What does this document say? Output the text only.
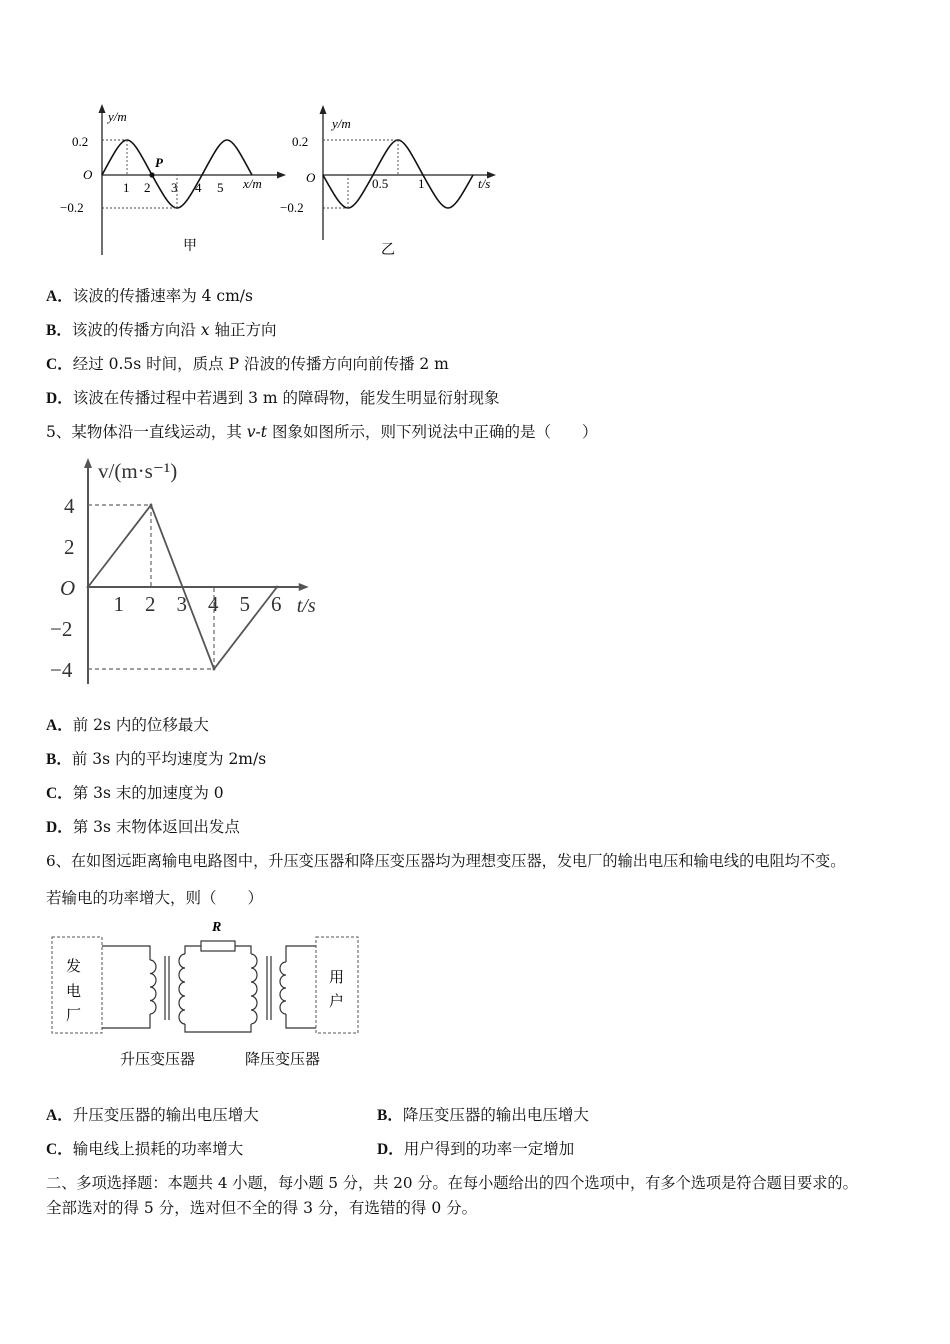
y/m
0.2
−0.2
O
P
1 2 3 4 5 x/m
甲
y/m
0.2
−0.2
O	0.5 1	t/s
乙
A．该波的传播速率为 4 cm/s
B．该波的传播方向沿 x 轴正方向
C．经过 0.5s 时间，质点 P 沿波的传播方向向前传播 2 m
D．该波在传播过程中若遇到 3 m 的障碍物，能发生明显衍射现象
5、某物体沿一直线运动，其 v-t 图象如图所示，则下列说法中正确的是（　　）
1 2 3 4 5 6
4
2
−2
−4
O
v/(m·s⁻¹)
t/s
A．前 2s 内的位移最大
B．前 3s 内的平均速度为 2m/s
C．第 3s 末的加速度为 0
D．第 3s 末物体返回出发点
6、在如图远距离输电电路图中，升压变压器和降压变压器均为理想变压器，发电厂的输出电压和输电线的电阻均不变。
若输电的功率增大，则（　　）
发
电
厂
R
用
户
升压变压器	降压变压器
A．升压变压器的输出电压增大	B．降压变压器的输出电压增大
C．输电线上损耗的功率增大	D．用户得到的功率一定增加
二、多项选择题：本题共 4 小题，每小题 5 分，共 20 分。在每小题给出的四个选项中，有多个选项是符合题目要求的。
全部选对的得 5 分，选对但不全的得 3 分，有选错的得 0 分。
